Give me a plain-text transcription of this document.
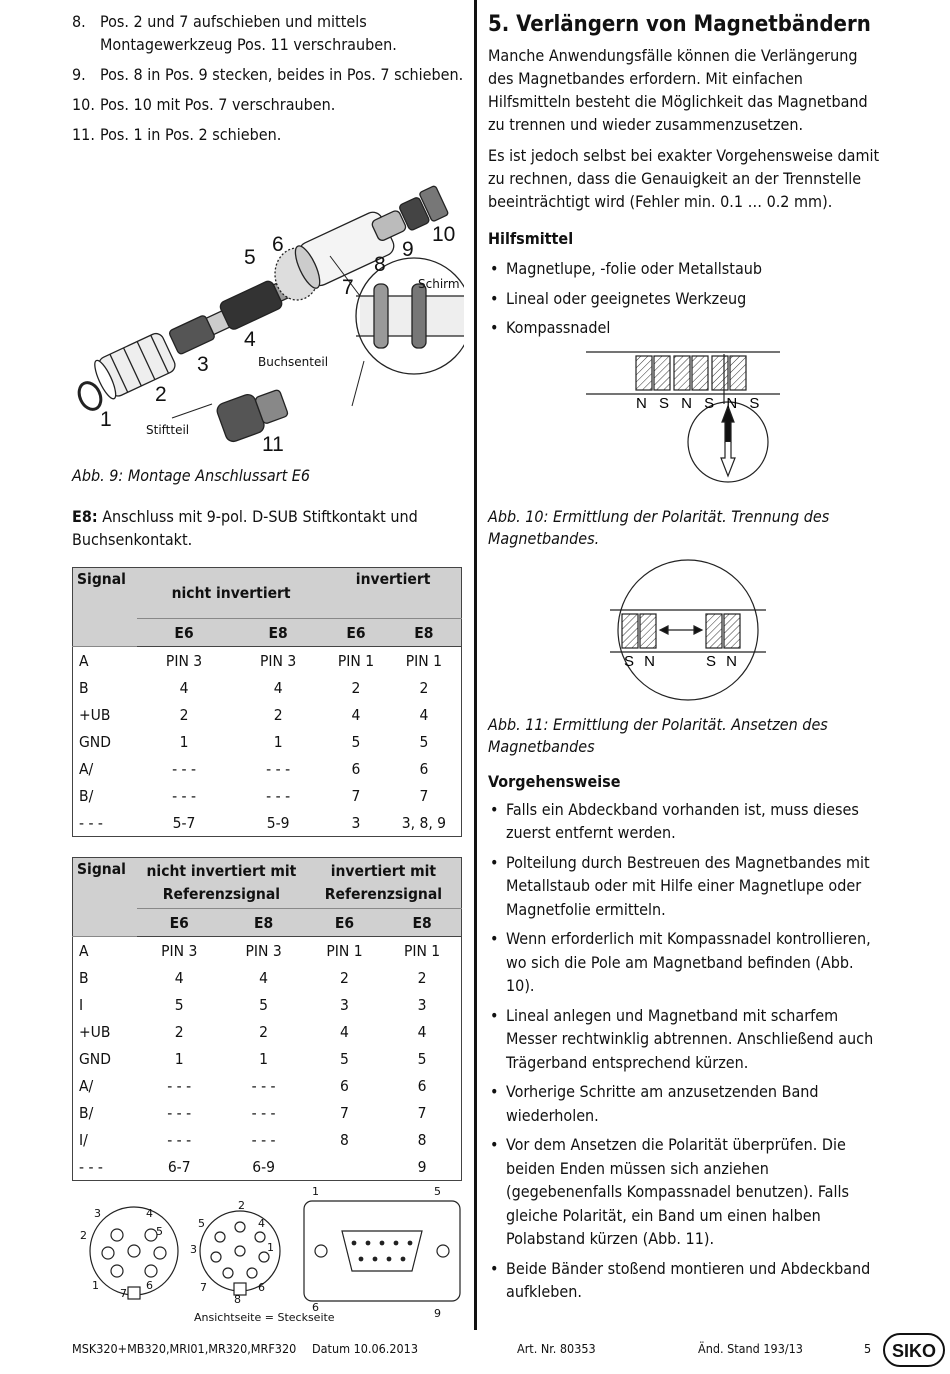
8. Pos. 2 und 7 aufschieben und mittels Montagewerkzeug Pos. 11 verschrauben.
9. Pos. 8 in Pos. 9 stecken, beides in Pos. 7 schieben.
10. Pos. 10 mit Pos. 7 verschrauben.
11. Pos. 1 in Pos. 2 schieben.
1
2
3
4
5
6
7
8
9
10
11
Schirm
Buchsenteil
Stiftteil
Abb. 9: Montage Anschlussart E6

E8: Anschluss mit 9-pol. D-SUB Stiftkontakt und Buchsenkontakt.

Signal	nicht invertiert		invertiert	
	E6	E8	E6	E8
A	PIN 3	PIN 3	PIN 1	PIN 1
B	4	4	2	2
+UB	2	2	4	4
GND	1	1	5	5
A/	- - -	- - -	6	6
B/	- - -	- - -	7	7
- - -	5-7	5-9	3	3, 8, 9
Signal	nicht invertiert mit Referenzsignal		invertiert mit Referenzsignal	
	E6	E8	E6	E8
A	PIN 3	PIN 3	PIN 1	PIN 1
B	4	4	2	2
I	5	5	3	3
+UB	2	2	4	4
GND	1	1	5	5
A/	- - -	- - -	6	6
B/	- - -	- - -	7	7
I/	- - -	- - -	8	8
- - -	6-7	6-9		9
1
2
3	4
5
6
7
1
2
3
4
5
6
7
8
1	5
6	9
Ansichtseite = Steckseite
5. Verlängern von Magnetbändern

Manche Anwendungsfälle können die Verlängerung des Magnetbandes erfordern. Mit einfachen Hilfsmitteln besteht die Möglichkeit das Magnetband zu trennen und wieder zusammenzusetzen.

Es ist jedoch selbst bei exakter Vorgehensweise damit zu rechnen, dass die Genauigkeit an der Trennstelle beeinträchtigt wird (Fehler min. 0.1 … 0.2 mm).

Hilfsmittel
• Magnetlupe, -folie oder Metallstaub
• Lineal oder geeignetes Werkzeug
• Kompassnadel
N S N S N S
Abb. 10: Ermittlung der Polarität. Trennung des Magnetbandes.
S N	S N
Abb. 11: Ermittlung der Polarität. Ansetzen des Magnetbandes
Vorgehensweise
• Falls ein Abdeckband vorhanden ist, muss dieses zuerst entfernt werden.
• Polteilung durch Bestreuen des Magnetbandes mit Metallstaub oder mit Hilfe einer Magnetlupe oder Magnetfolie ermitteln.
• Wenn erforderlich mit Kompassnadel kontrollieren, wo sich die Pole am Magnetband befinden (Abb. 10).
• Lineal anlegen und Magnetband mit scharfem Messer rechtwinklig abtrennen. Anschließend auch Trägerband entsprechend kürzen.
• Vorherige Schritte am anzusetzenden Band wiederholen.
• Vor dem Ansetzen die Polarität überprüfen. Die beiden Enden müssen sich anziehen (gegebenenfalls Kompassnadel benutzen). Falls gleiche Polarität, ein Band um einen halben Polabstand kürzen (Abb. 11).
• Beide Bänder stoßend montieren und Abdeckband aufkleben.
MSK320+MB320,MRI01,MR320,MRF320	Datum 10.06.2013	Art. Nr. 80353	Änd. Stand 193/13	5 SIKO
